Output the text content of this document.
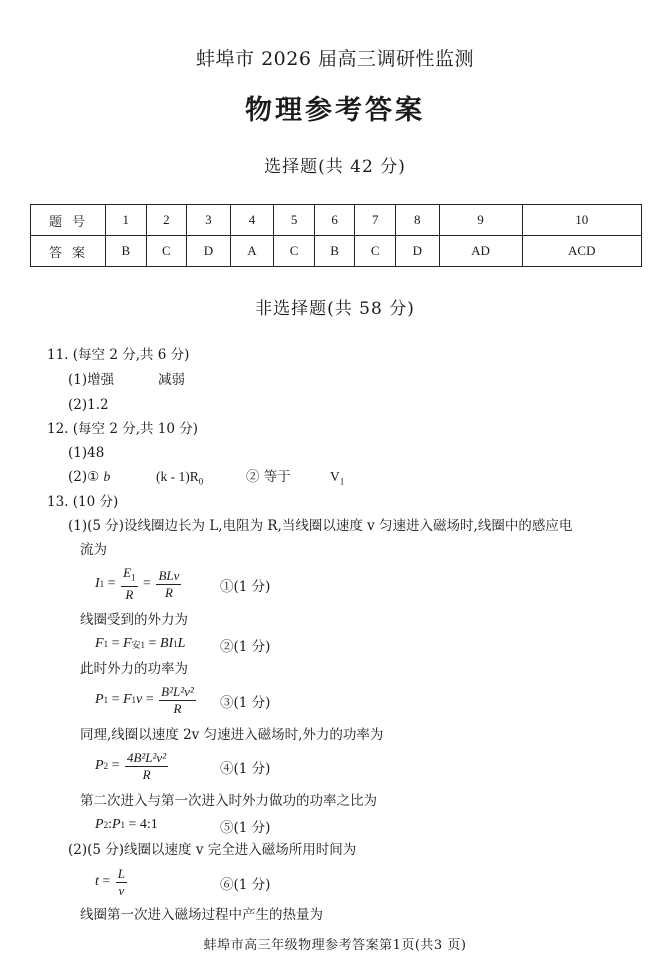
蚌埠市 2026 届高三调研性监测
物理参考答案
选择题(共 42 分)
题号	1	2	3	4	5	6	7	8	9	10
答案	B	C	D	A	C	B	C	D	AD	ACD
非选择题(共 58 分)
11. (每空 2 分,共 6 分)
(1)增强	减弱
(2)1.2
12. (每空 2 分,共 10 分)
(1)48
(2)① b	$(k - 1)R_0$	② 等于	$V_1$
13. (10 分)
(1)(5 分)设线圈边长为 L,电阻为 R,当线圈以速度 v 匀速进入磁场时,线圈中的感应电
流为
I $1 = \frac{E_1}{R} = \frac{\text{BLv}}{R}$	①(1 分)
线圈受到的外力为
F 1 = F 安1 = BI 1 L	②(1 分)
此时外力的功率为
P 1 = F 1 $v = \frac{\text{B²L²v²}}{R}$ ③(1 分)
同理,线圈以速度 2v 匀速进入磁场时,外力的功率为
P $2 = \frac{\text{4B²L²v²}}{R}$	④(1 分)
第二次进入与第一次进入时外力做功的功率之比为
P 2 : P 1 = 4:1	⑤(1 分)
(2)(5 分)线圈以速度 v 完全进入磁场所用时间为
$t = \frac{L}{v}$	⑥(1 分)
线圈第一次进入磁场过程中产生的热量为
蚌埠市高三年级物理参考答案第1页(共3 页)
